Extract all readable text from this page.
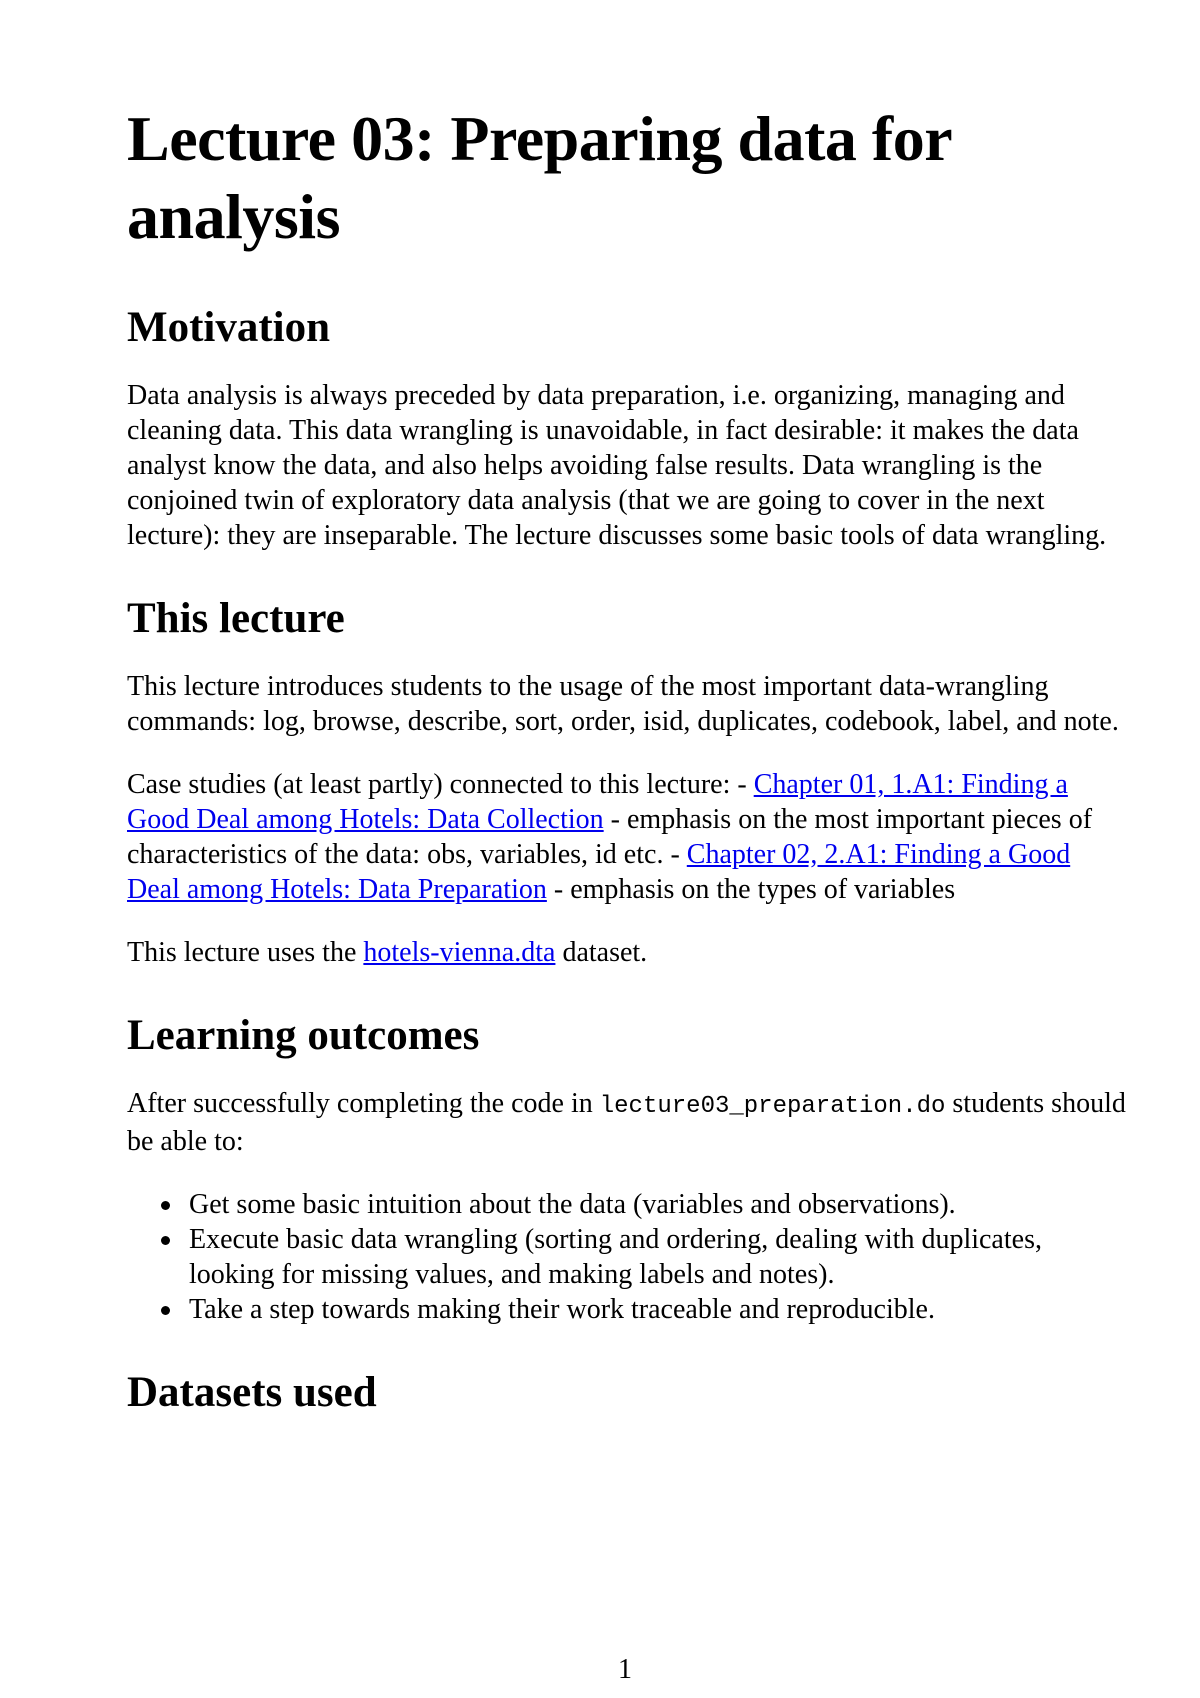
Lecture 03: Preparing data for analysis
Motivation

Data analysis is always preceded by data preparation, i.e. organizing, managing and cleaning data. This data wrangling is unavoidable, in fact desirable: it makes the data analyst know the data, and also helps avoiding false results. Data wrangling is the conjoined twin of exploratory data analysis (that we are going to cover in the next lecture): they are inseparable. The lecture discusses some basic tools of data wrangling.

This lecture

This lecture introduces students to the usage of the most important data-wrangling commands: log, browse, describe, sort, order, isid, duplicates, codebook, label, and note.

Case studies (at least partly) connected to this lecture: - Chapter 01, 1.A1: Finding a Good Deal among Hotels: Data Collection - emphasis on the most important pieces of characteristics of the data: obs, variables, id etc. - Chapter 02, 2.A1: Finding a Good Deal among Hotels: Data Preparation - emphasis on the types of variables

This lecture uses the hotels-vienna.dta dataset.

Learning outcomes

After successfully completing the code in lecture03_preparation.do students should be able to:

Get some basic intuition about the data (variables and observations).
Execute basic data wrangling (sorting and ordering, dealing with duplicates, looking for missing values, and making labels and notes).
Take a step towards making their work traceable and reproducible.
Datasets used
1
